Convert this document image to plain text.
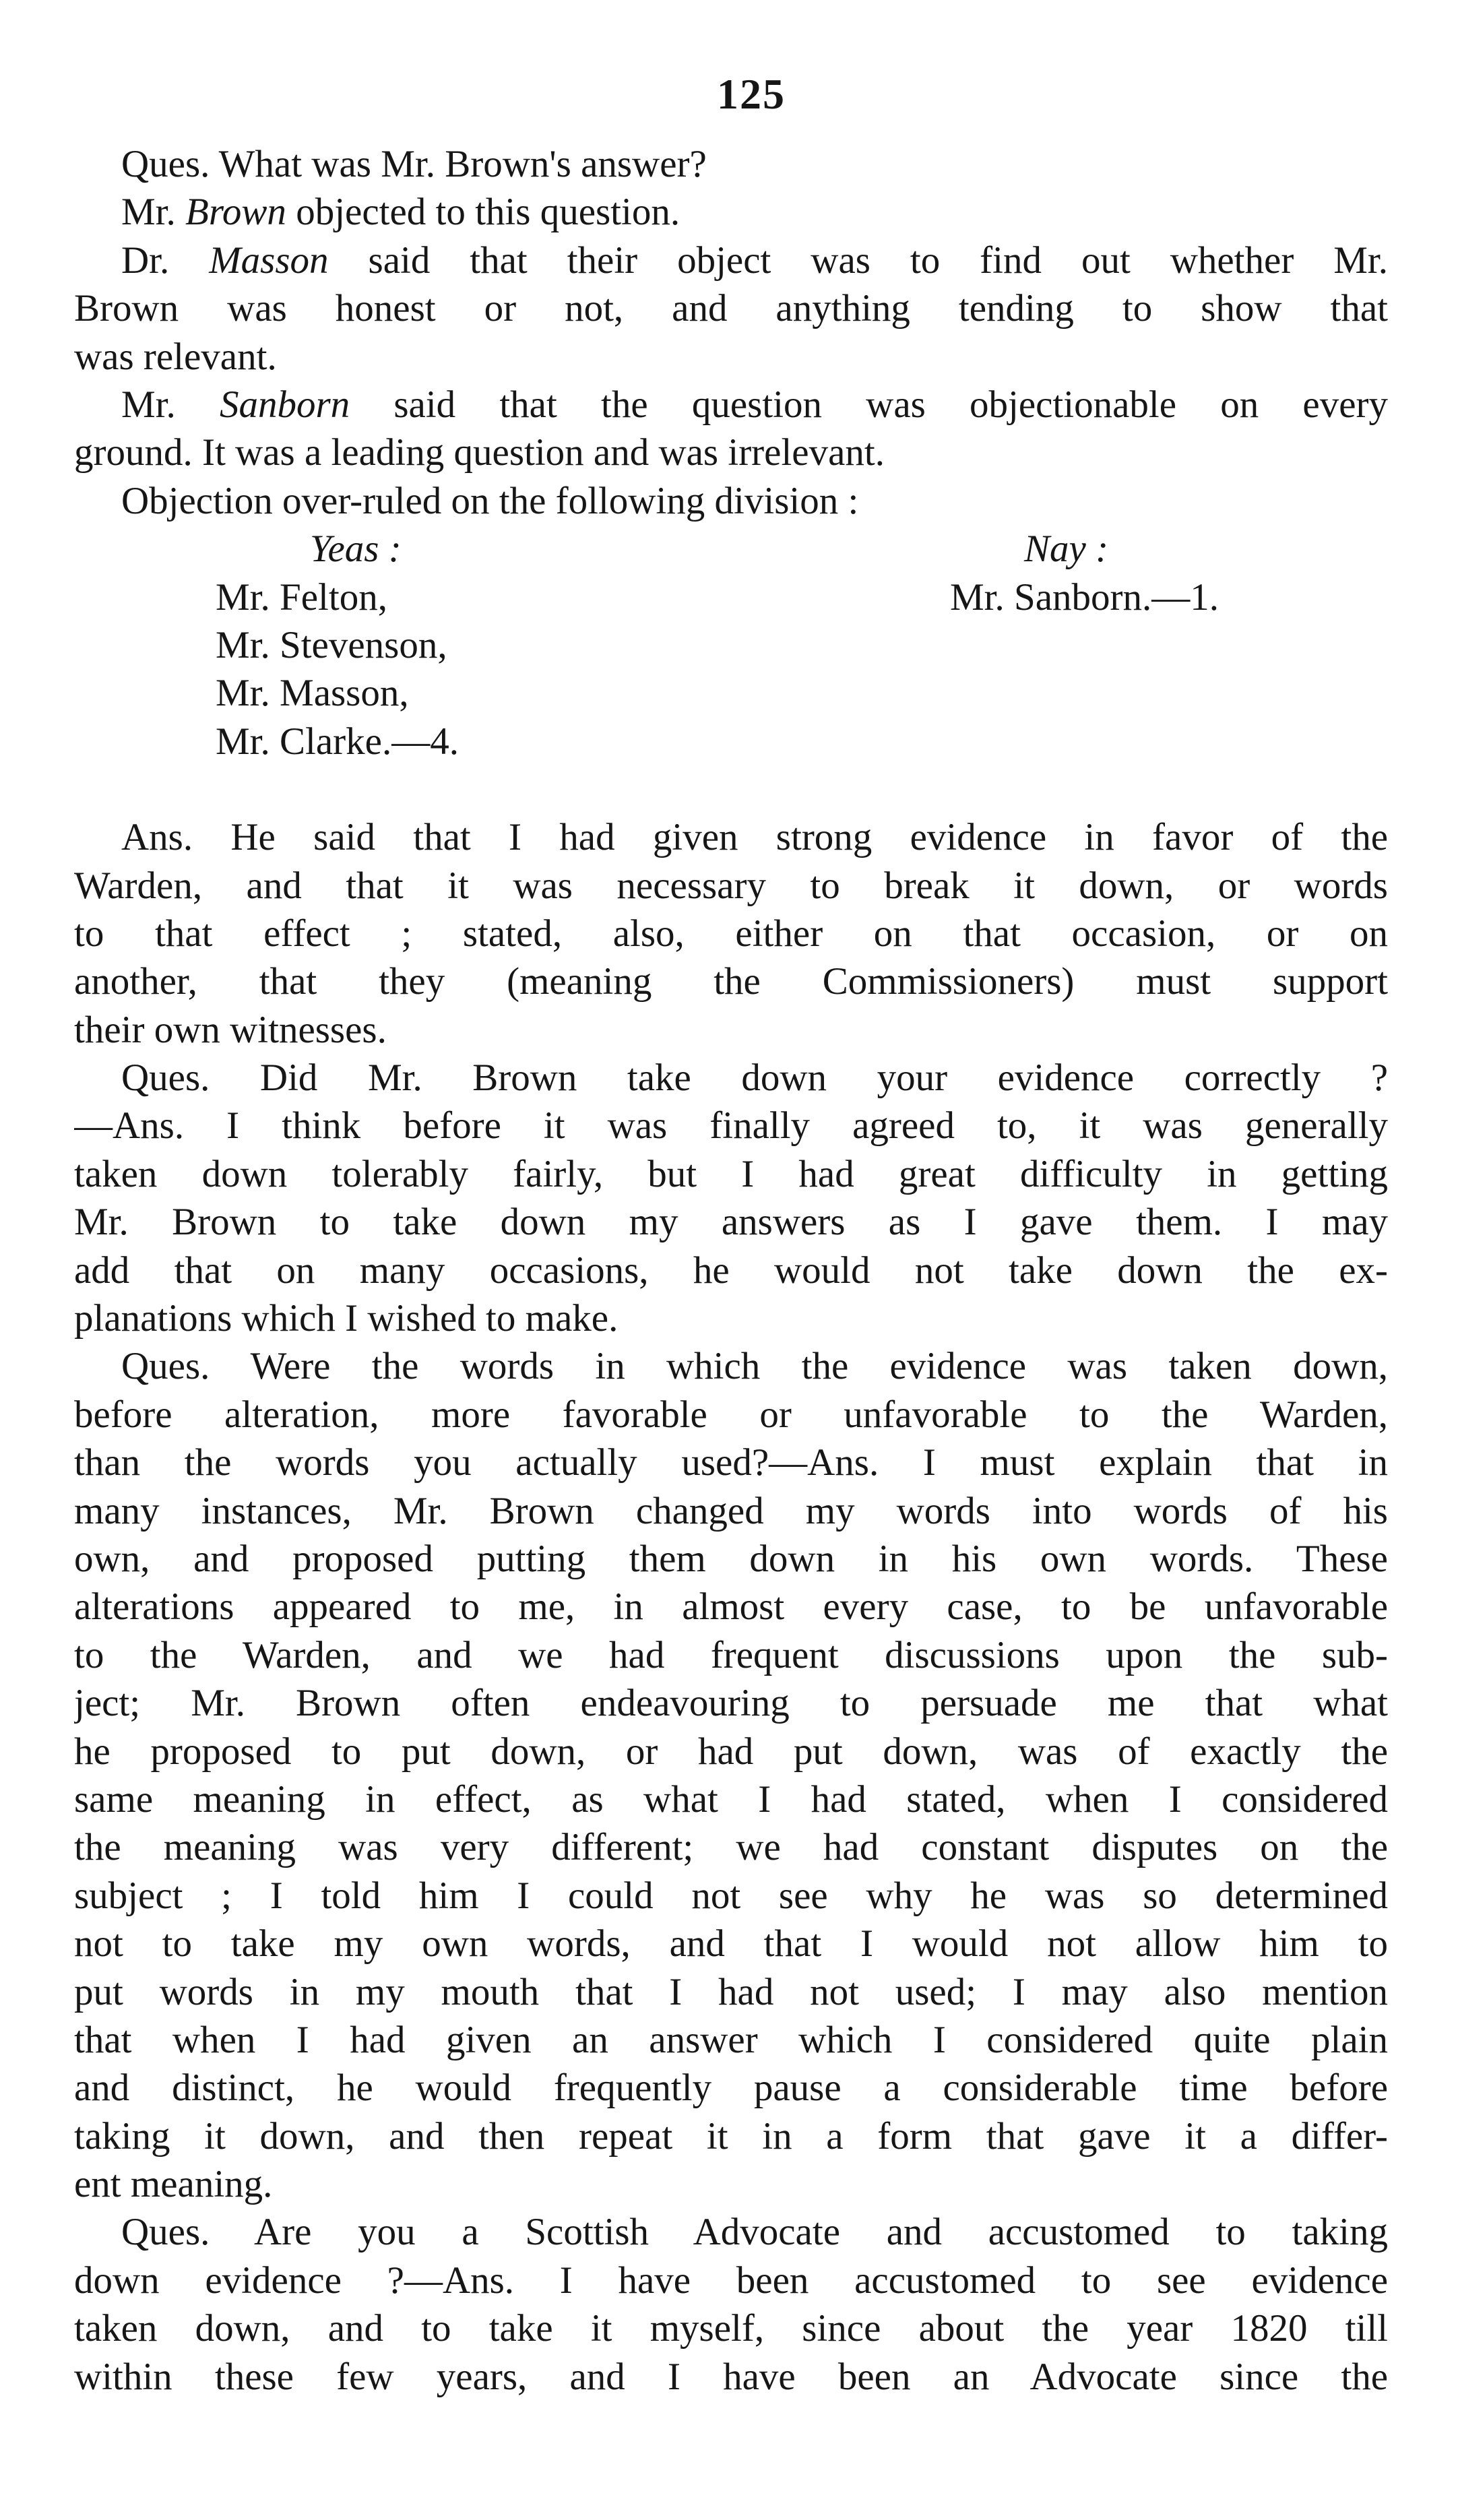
125
Ques. What was Mr. Brown's answer?
Mr. Brown objected to this question.
Dr. Masson said that their object was to find out whether Mr.
Brown was honest or not, and anything tending to show that
was relevant.
Mr. Sanborn said that the question was objectionable on every
ground. It was a leading question and was irrelevant.
Objection over-ruled on the following division :
Yeas :
Mr. Felton,
Mr. Stevenson,
Mr. Masson,
Mr. Clarke.—4.
Nay :
Mr. Sanborn.—1.
Ans. He said that I had given strong evidence in favor of the
Warden, and that it was necessary to break it down, or words
to that effect ; stated, also, either on that occasion, or on
another, that they (meaning the Commissioners) must support
their own witnesses.
Ques. Did Mr. Brown take down your evidence correctly ?
—Ans. I think before it was finally agreed to, it was generally
taken down tolerably fairly, but I had great difficulty in getting
Mr. Brown to take down my answers as I gave them. I may
add that on many occasions, he would not take down the ex-
planations which I wished to make.
Ques. Were the words in which the evidence was taken down,
before alteration, more favorable or unfavorable to the Warden,
than the words you actually used?—Ans. I must explain that in
many instances, Mr. Brown changed my words into words of his
own, and proposed putting them down in his own words. These
alterations appeared to me, in almost every case, to be unfavorable
to the Warden, and we had frequent discussions upon the sub-
ject; Mr. Brown often endeavouring to persuade me that what
he proposed to put down, or had put down, was of exactly the
same meaning in effect, as what I had stated, when I considered
the meaning was very different; we had constant disputes on the
subject ; I told him I could not see why he was so determined
not to take my own words, and that I would not allow him to
put words in my mouth that I had not used; I may also mention
that when I had given an answer which I considered quite plain
and distinct, he would frequently pause a considerable time before
taking it down, and then repeat it in a form that gave it a differ-
ent meaning.
Ques. Are you a Scottish Advocate and accustomed to taking
down evidence ?—Ans. I have been accustomed to see evidence
taken down, and to take it myself, since about the year 1820 till
within these few years, and I have been an Advocate since the
